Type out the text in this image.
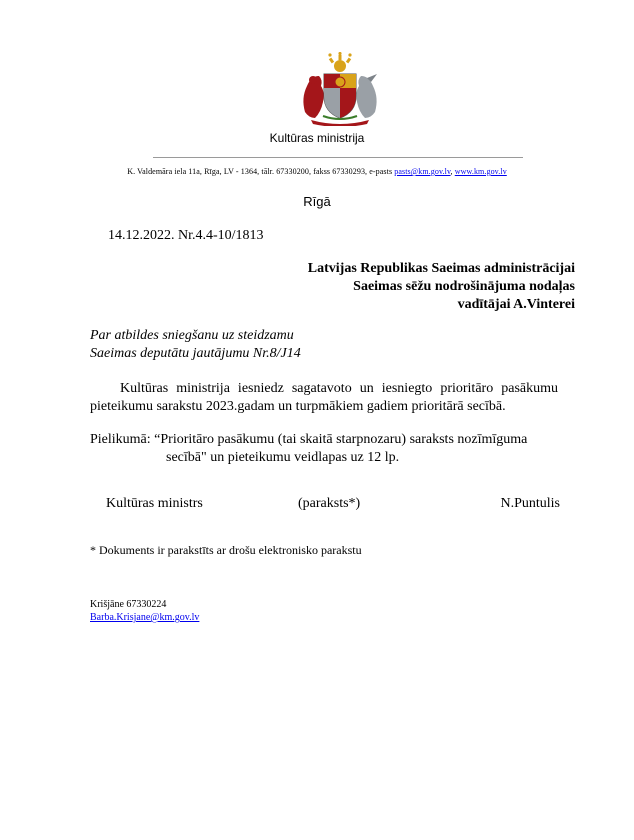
Kultūras ministrija
K. Valdemāra iela 11a, Rīga, LV - 1364, tālr. 67330200, fakss 67330293, e-pasts pasts@km.gov.lv, www.km.gov.lv
Rīgā
14.12.2022. Nr.4.4-10/1813
Latvijas Republikas Saeimas administrācijai
Saeimas sēžu nodrošinājuma nodaļas
vadītājai A.Vinterei
Par atbildes sniegšanu uz steidzamu
Saeimas deputātu jautājumu Nr.8/J14
Kultūras ministrija iesniedz sagatavoto un iesniegto prioritāro pasākumu pieteikumu sarakstu 2023.gadam un turpmākiem gadiem prioritārā secībā.
Pielikumā: “Prioritāro pasākumu (tai skaitā starpnozaru) saraksts nozīmīguma
secībā" un pieteikumu veidlapas uz 12 lp.
Kultūras ministrs	(paraksts*)	N.Puntulis
* Dokuments ir parakstīts ar drošu elektronisko parakstu
Krišjāne 67330224
Barba.Krisjane@km.gov.lv
